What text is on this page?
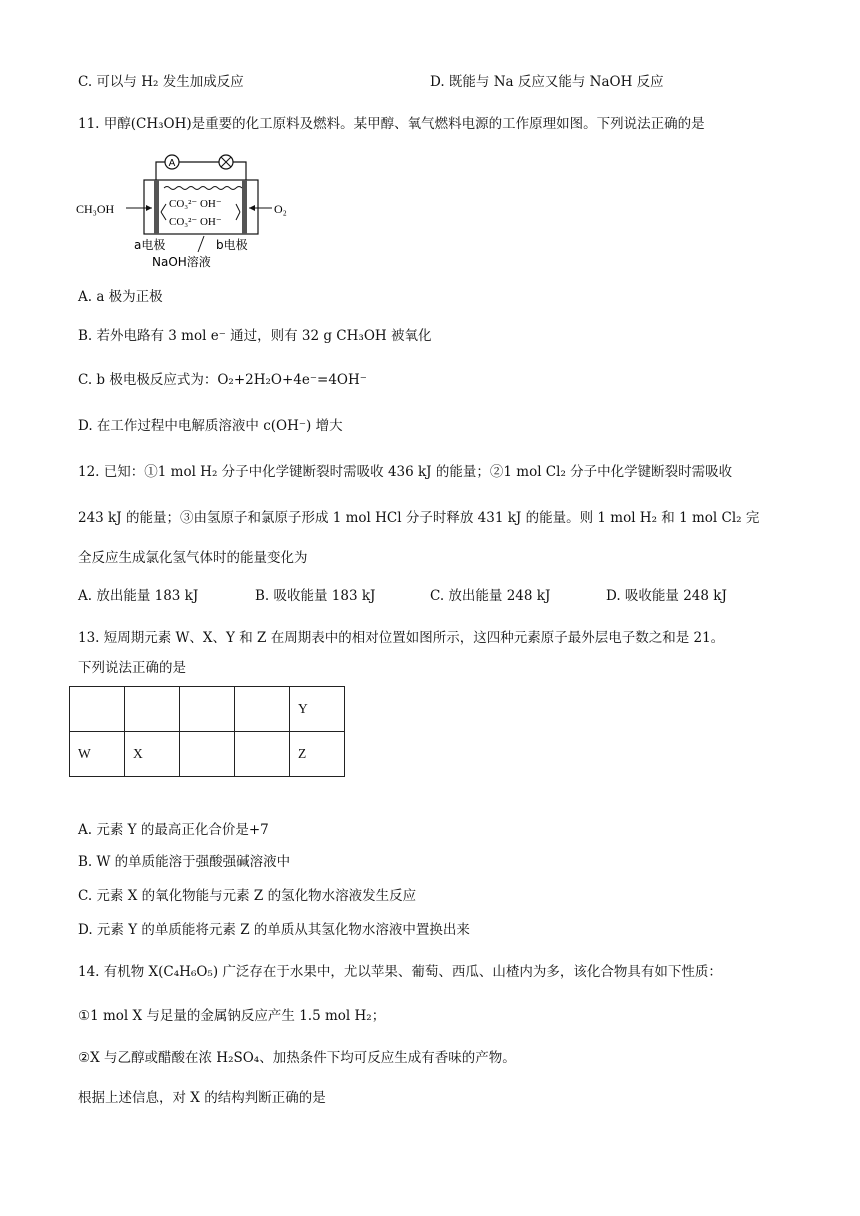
C. 可以与 H₂ 发生加成反应	D. 既能与 Na 反应又能与 NaOH 反应
11. 甲醇(CH₃OH)是重要的化工原料及燃料。某甲醇、氧气燃料电源的工作原理如图。下列说法正确的是
A
CO₃²⁻ OH⁻
CO₃²⁻ OH⁻
CH₃OH	O₂
a电极	b电极
NaOH溶液
A. a 极为正极
B. 若外电路有 3 mol e⁻ 通过，则有 32 g CH₃OH 被氧化
C. b 极电极反应式为：O₂+2H₂O+4e⁻=4OH⁻
D. 在工作过程中电解质溶液中 c(OH⁻) 增大
12. 已知：①1 mol H₂ 分子中化学键断裂时需吸收 436 kJ 的能量；②1 mol Cl₂ 分子中化学键断裂时需吸收
243 kJ 的能量；③由氢原子和氯原子形成 1 mol HCl 分子时释放 431 kJ 的能量。则 1 mol H₂ 和 1 mol Cl₂ 完
全反应生成氯化氢气体时的能量变化为
A. 放出能量 183 kJ	B. 吸收能量 183 kJ	C. 放出能量 248 kJ	D. 吸收能量 248 kJ
13. 短周期元素 W、X、Y 和 Z 在周期表中的相对位置如图所示，这四种元素原子最外层电子数之和是 21。
下列说法正确的是
				Y
W	X			Z
A. 元素 Y 的最高正化合价是+7
B. W 的单质能溶于强酸强碱溶液中
C. 元素 X 的氧化物能与元素 Z 的氢化物水溶液发生反应
D. 元素 Y 的单质能将元素 Z 的单质从其氢化物水溶液中置换出来
14. 有机物 X(C₄H₆O₅) 广泛存在于水果中，尤以苹果、葡萄、西瓜、山楂内为多，该化合物具有如下性质：
①1 mol X 与足量的金属钠反应产生 1.5 mol H₂；
②X 与乙醇或醋酸在浓 H₂SO₄、加热条件下均可反应生成有香味的产物。
根据上述信息，对 X 的结构判断正确的是
